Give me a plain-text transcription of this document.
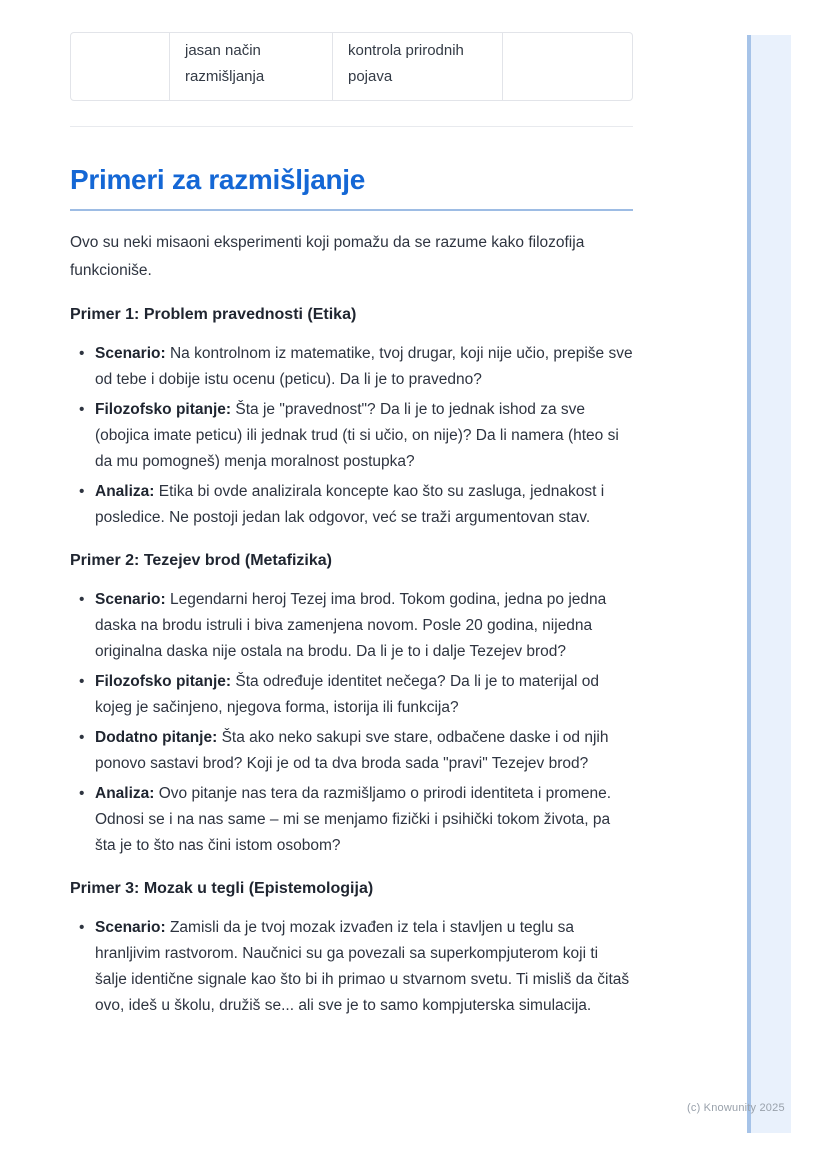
jasan način razmišljanja
kontrola prirodnih pojava
Primeri za razmišljanje

Ovo su neki misaoni eksperimenti koji pomažu da se razume kako filozofija funkcioniše.

Primer 1: Problem pravednosti (Etika)
• Scenario: Na kontrolnom iz matematike, tvoj drugar, koji nije učio, prepiše sve od tebe i dobije istu ocenu (peticu). Da li je to pravedno?
• Filozofsko pitanje: Šta je "pravednost"? Da li je to jednak ishod za sve (obojica imate peticu) ili jednak trud (ti si učio, on nije)? Da li namera (hteo si da mu pomogneš) menja moralnost postupka?
• Analiza: Etika bi ovde analizirala koncepte kao što su zasluga, jednakost i posledice. Ne postoji jedan lak odgovor, već se traži argumentovan stav.
Primer 2: Tezejev brod (Metafizika)
• Scenario: Legendarni heroj Tezej ima brod. Tokom godina, jedna po jedna daska na brodu istruli i biva zamenjena novom. Posle 20 godina, nijedna originalna daska nije ostala na brodu. Da li je to i dalje Tezejev brod?
• Filozofsko pitanje: Šta određuje identitet nečega? Da li je to materijal od kojeg je sačinjeno, njegova forma, istorija ili funkcija?
• Dodatno pitanje: Šta ako neko sakupi sve stare, odbačene daske i od njih ponovo sastavi brod? Koji je od ta dva broda sada "pravi" Tezejev brod?
• Analiza: Ovo pitanje nas tera da razmišljamo o prirodi identiteta i promene. Odnosi se i na nas same – mi se menjamo fizički i psihički tokom života, pa šta je to što nas čini istom osobom?
Primer 3: Mozak u tegli (Epistemologija)
• Scenario: Zamisli da je tvoj mozak izvađen iz tela i stavljen u teglu sa hranljivim rastvorom. Naučnici su ga povezali sa superkompjuterom koji ti šalje identične signale kao što bi ih primao u stvarnom svetu. Ti misliš da čitaš ovo, ideš u školu, družiš se... ali sve je to samo kompjuterska simulacija.
(c) Knowunity 2025
